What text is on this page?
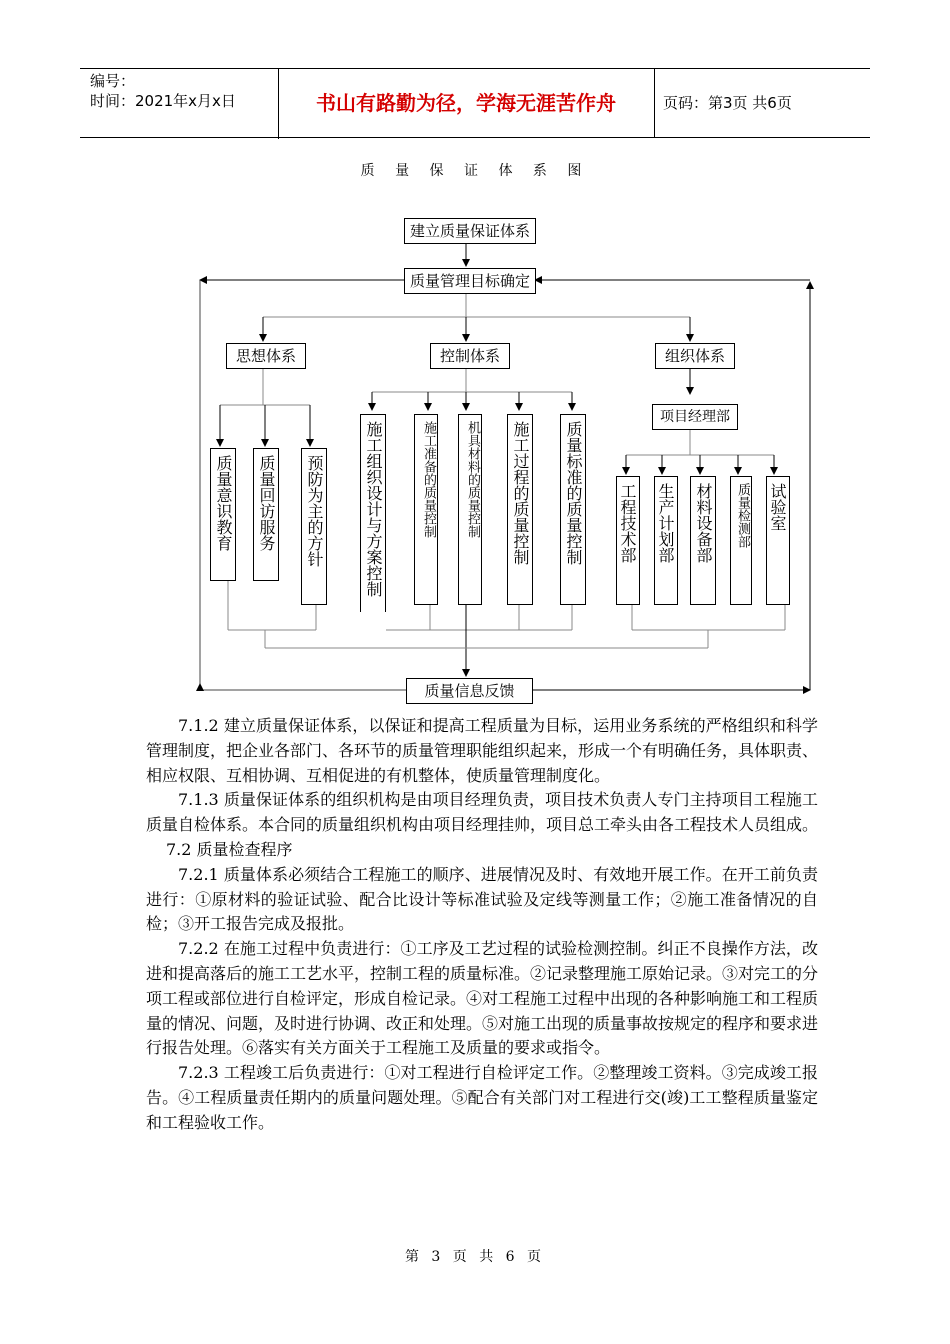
编号：
时间：2021年x月x日	书山有路勤为径，学海无涯苦作舟	页码：第3页 共6页
质 量 保 证 体 系 图
建立质量保证体系
质量管理目标确定
思想体系	控制体系	组织体系
质量意识教育 质量回访服务 预防为主的方针	施工组织设计与方案控制	施工准备的质量控制	机具材料的质量控制 施工过程的质量控制 质量标准的质量控制
项目经理部
工程技术部 生产计划部 材料设备部	质量检测部 试验室
质量信息反馈

7.1.2 建立质量保证体系，以保证和提高工程质量为目标，运用业务系统的严格组织和科学管理制度，把企业各部门、各环节的质量管理职能组织起来，形成一个有明确任务，具体职责、相应权限、互相协调、互相促进的有机整体，使质量管理制度化。

7.1.3 质量保证体系的组织机构是由项目经理负责，项目技术负责人专门主持项目工程施工质量自检体系。本合同的质量组织机构由项目经理挂帅，项目总工牵头由各工程技术人员组成。

7.2 质量检查程序

7.2.1 质量体系必须结合工程施工的顺序、进展情况及时、有效地开展工作。在开工前负责进行：①原材料的验证试验、配合比设计等标准试验及定线等测量工作；②施工准备情况的自检；③开工报告完成及报批。

7.2.2 在施工过程中负责进行：①工序及工艺过程的试验检测控制。纠正不良操作方法，改进和提高落后的施工工艺水平，控制工程的质量标准。②记录整理施工原始记录。③对完工的分项工程或部位进行自检评定，形成自检记录。④对工程施工过程中出现的各种影响施工和工程质量的情况、问题，及时进行协调、改正和处理。⑤对施工出现的质量事故按规定的程序和要求进行报告处理。⑥落实有关方面关于工程施工及质量的要求或指令。

7.2.3 工程竣工后负责进行：①对工程进行自检评定工作。②整理竣工资料。③完成竣工报告。④工程质量责任期内的质量问题处理。⑤配合有关部门对工程进行交(竣)工工整程质量鉴定和工程验收工作。

第 3 页 共 6 页
